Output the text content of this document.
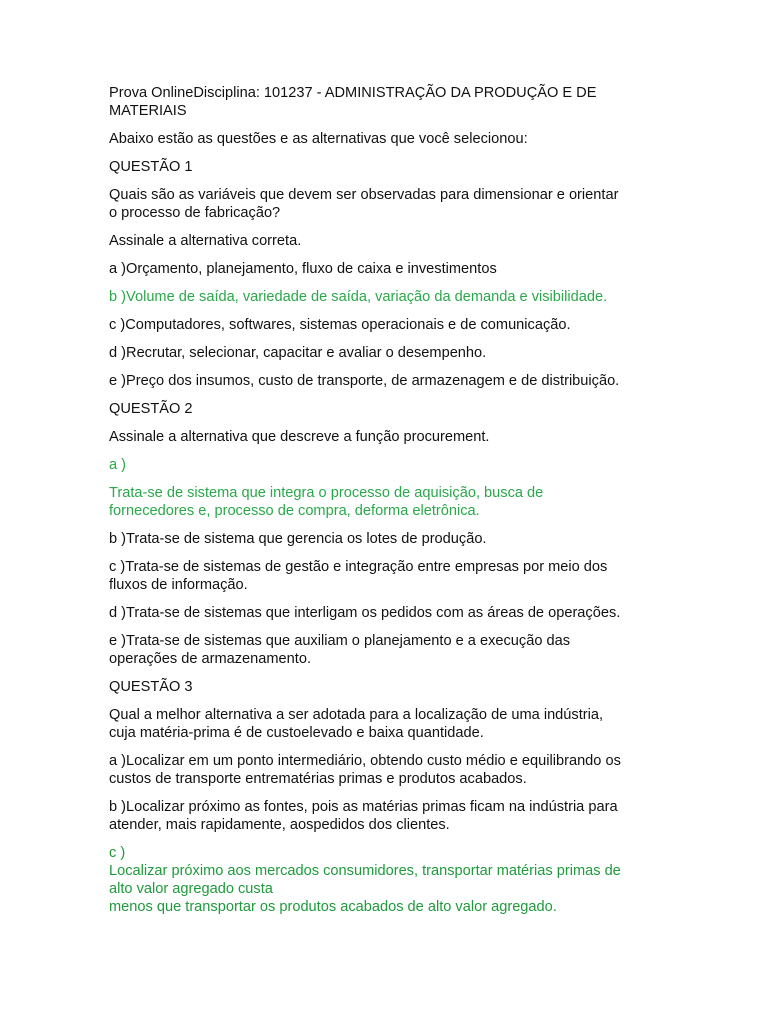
Prova OnlineDisciplina: 101237 - ADMINISTRAÇÃO DA PRODUÇÃO E DE
MATERIAIS

Abaixo estão as questões e as alternativas que você selecionou:

QUESTÃO 1

Quais são as variáveis que devem ser observadas para dimensionar e orientar
o processo de fabricação?

Assinale a alternativa correta.

a )Orçamento, planejamento, fluxo de caixa e investimentos

b )Volume de saída, variedade de saída, variação da demanda e visibilidade.

c )Computadores, softwares, sistemas operacionais e de comunicação.

d )Recrutar, selecionar, capacitar e avaliar o desempenho.

e )Preço dos insumos, custo de transporte, de armazenagem e de distribuição.

QUESTÃO 2

Assinale a alternativa que descreve a função procurement.

a )

Trata-se de sistema que integra o processo de aquisição, busca de
fornecedores e, processo de compra, deforma eletrônica.

b )Trata-se de sistema que gerencia os lotes de produção.

c )Trata-se de sistemas de gestão e integração entre empresas por meio dos
fluxos de informação.

d )Trata-se de sistemas que interligam os pedidos com as áreas de operações.

e )Trata-se de sistemas que auxiliam o planejamento e a execução das
operações de armazenamento.

QUESTÃO 3

Qual a melhor alternativa a ser adotada para a localização de uma indústria,
cuja matéria-prima é de custoelevado e baixa quantidade.

a )Localizar em um ponto intermediário, obtendo custo médio e equilibrando os
custos de transporte entrematérias primas e produtos acabados.

b )Localizar próximo as fontes, pois as matérias primas ficam na indústria para
atender, mais rapidamente, aospedidos dos clientes.

c )

Localizar próximo aos mercados consumidores, transportar matérias primas de
alto valor agregado custa
menos que transportar os produtos acabados de alto valor agregado.
